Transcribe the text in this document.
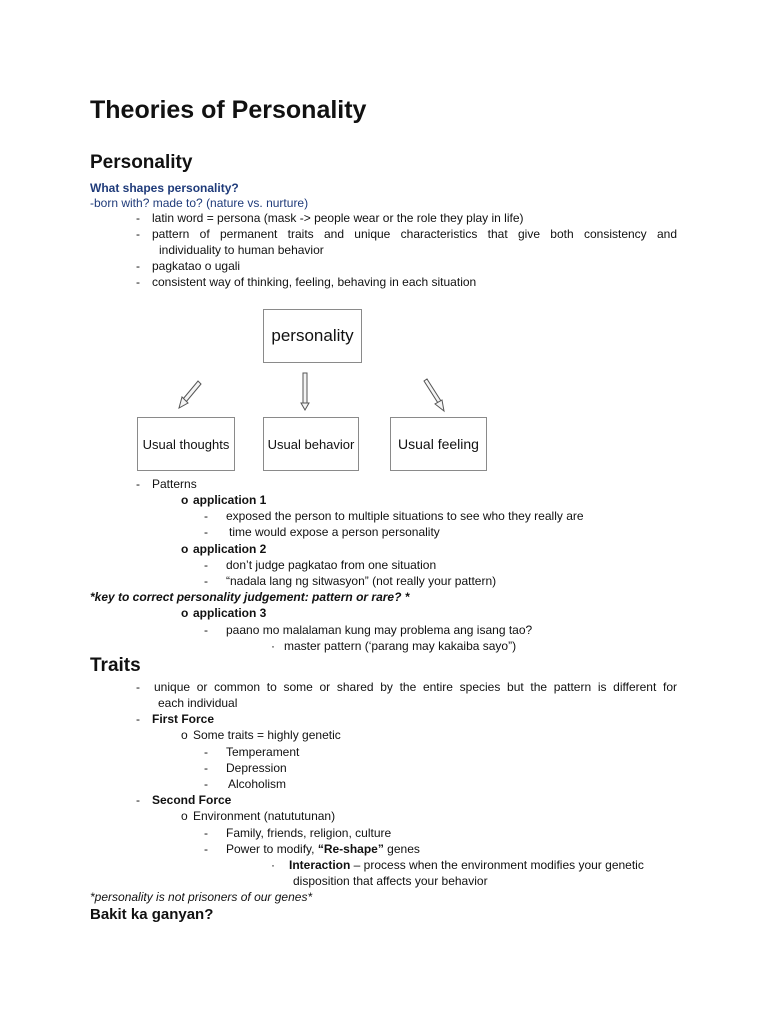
Theories of Personality
Personality
What shapes personality?
-born with? made to? (nature vs. nurture)
- latin word = persona (mask -> people wear or the role they play in life)
- pattern of permanent traits and unique characteristics that give both consistency and
individuality to human behavior
- pagkatao o ugali
- consistent way of thinking, feeling, behaving in each situation
personality
Usual thoughts	Usual behavior	Usual feeling
- Patterns
o application 1
- exposed the person to multiple situations to see who they really are
- time would expose a person personality
o application 2
- don’t judge pagkatao from one situation
- “nadala lang ng sitwasyon” (not really your pattern)
*key to correct personality judgement: pattern or rare? *
o application 3
- paano mo malalaman kung may problema ang isang tao?
· master pattern (‘parang may kakaiba sayo”)
Traits
- unique or common to some or shared by the entire species but the pattern is different for
each individual
- First Force
o Some traits = highly genetic
- Temperament
- Depression
- Alcoholism
- Second Force
o Environment (natututunan)
- Family, friends, religion, culture
- Power to modify, “Re-shape” genes
· Interaction – process when the environment modifies your genetic
disposition that affects your behavior
*personality is not prisoners of our genes*
Bakit ka ganyan?
